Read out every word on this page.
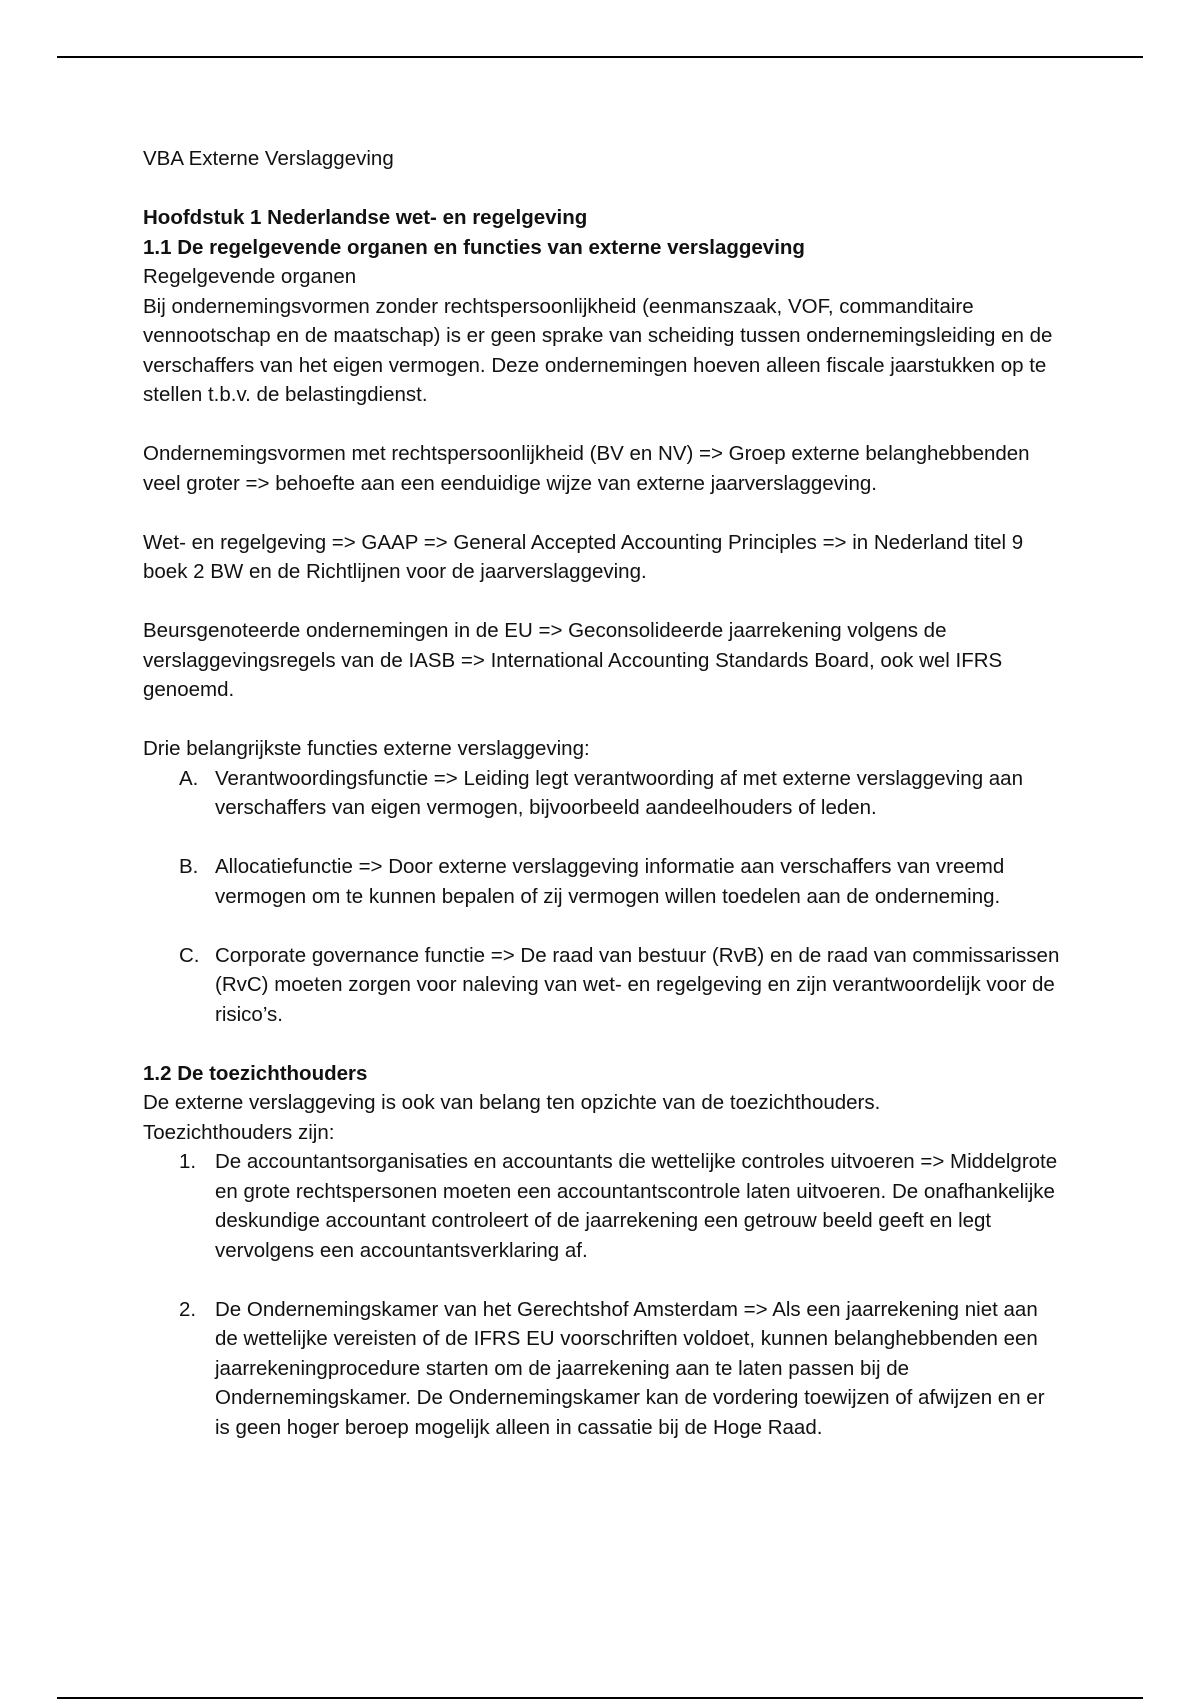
VBA Externe Verslaggeving

Hoofdstuk 1 Nederlandse wet- en regelgeving

1.1 De regelgevende organen en functies van externe verslaggeving

Regelgevende organen

Bij ondernemingsvormen zonder rechtspersoonlijkheid (eenmanszaak, VOF, commanditaire vennootschap en de maatschap) is er geen sprake van scheiding tussen ondernemingsleiding en de verschaffers van het eigen vermogen. Deze ondernemingen hoeven alleen fiscale jaarstukken op te stellen t.b.v. de belastingdienst.

Ondernemingsvormen met rechtspersoonlijkheid (BV en NV) => Groep externe belanghebbenden veel groter => behoefte aan een eenduidige wijze van externe jaarverslaggeving.

Wet- en regelgeving => GAAP => General Accepted Accounting Principles => in Nederland titel 9 boek 2 BW en de Richtlijnen voor de jaarverslaggeving.

Beursgenoteerde ondernemingen in de EU => Geconsolideerde jaarrekening volgens de verslaggevingsregels van de IASB => International Accounting Standards Board, ook wel IFRS genoemd.

Drie belangrijkste functies externe verslaggeving:

A. Verantwoordingsfunctie => Leiding legt verantwoording af met externe verslaggeving aan verschaffers van eigen vermogen, bijvoorbeeld aandeelhouders of leden.
B. Allocatiefunctie => Door externe verslaggeving informatie aan verschaffers van vreemd vermogen om te kunnen bepalen of zij vermogen willen toedelen aan de onderneming.
C. Corporate governance functie => De raad van bestuur (RvB) en de raad van commissarissen (RvC) moeten zorgen voor naleving van wet- en regelgeving en zijn verantwoordelijk voor de risico’s.

1.2 De toezichthouders

De externe verslaggeving is ook van belang ten opzichte van de toezichthouders.

Toezichthouders zijn:

1. De accountantsorganisaties en accountants die wettelijke controles uitvoeren => Middelgrote en grote rechtspersonen moeten een accountantscontrole laten uitvoeren. De onafhankelijke deskundige accountant controleert of de jaarrekening een getrouw beeld geeft en legt vervolgens een accountantsverklaring af.
2. De Ondernemingskamer van het Gerechtshof Amsterdam => Als een jaarrekening niet aan de wettelijke vereisten of de IFRS EU voorschriften voldoet, kunnen belanghebbenden een jaarrekeningprocedure starten om de jaarrekening aan te laten passen bij de Ondernemingskamer. De Ondernemingskamer kan de vordering toewijzen of afwijzen en er is geen hoger beroep mogelijk alleen in cassatie bij de Hoge Raad.
